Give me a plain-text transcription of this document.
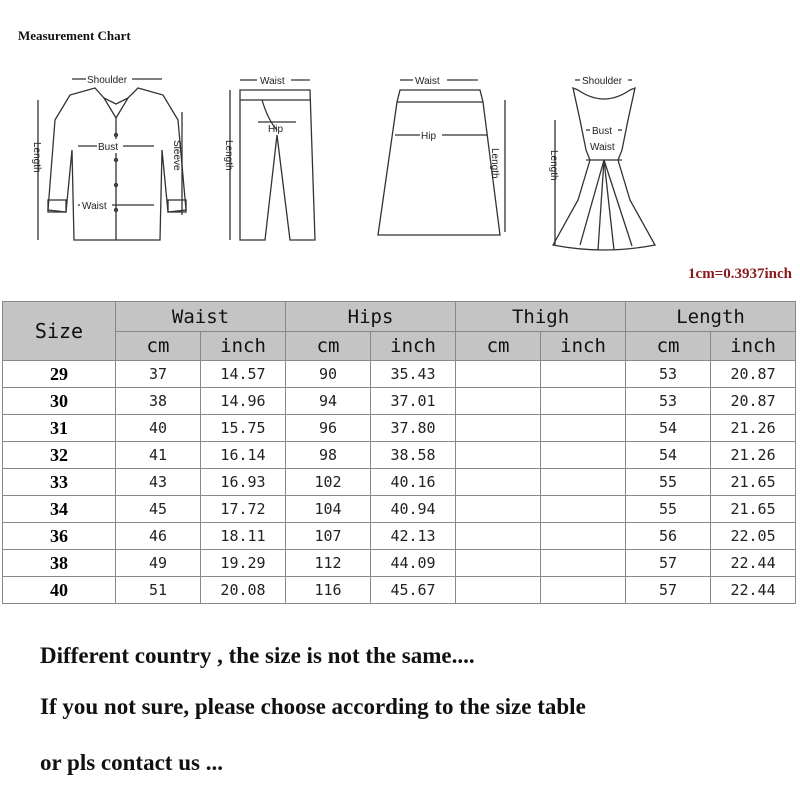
Measurement Chart
Shoulder
Bust
Waist
Length	Sleeve
Waist
Hip
Length
Waist
Hip
Length
Shoulder
Bust
Waist
Length
1cm=0.3937inch
Size	Waist		Hips		Thigh		Length	
	cm	inch	cm	inch	cm	inch	cm	inch
29	37	14.57	90	35.43			53	20.87
30	38	14.96	94	37.01			53	20.87
31	40	15.75	96	37.80			54	21.26
32	41	16.14	98	38.58			54	21.26
33	43	16.93	102	40.16			55	21.65
34	45	17.72	104	40.94			55	21.65
36	46	18.11	107	42.13			56	22.05
38	49	19.29	112	44.09			57	22.44
40	51	20.08	116	45.67			57	22.44
Different country , the size is not the same....
If you not sure, please choose according to the size table
or pls contact us ...
